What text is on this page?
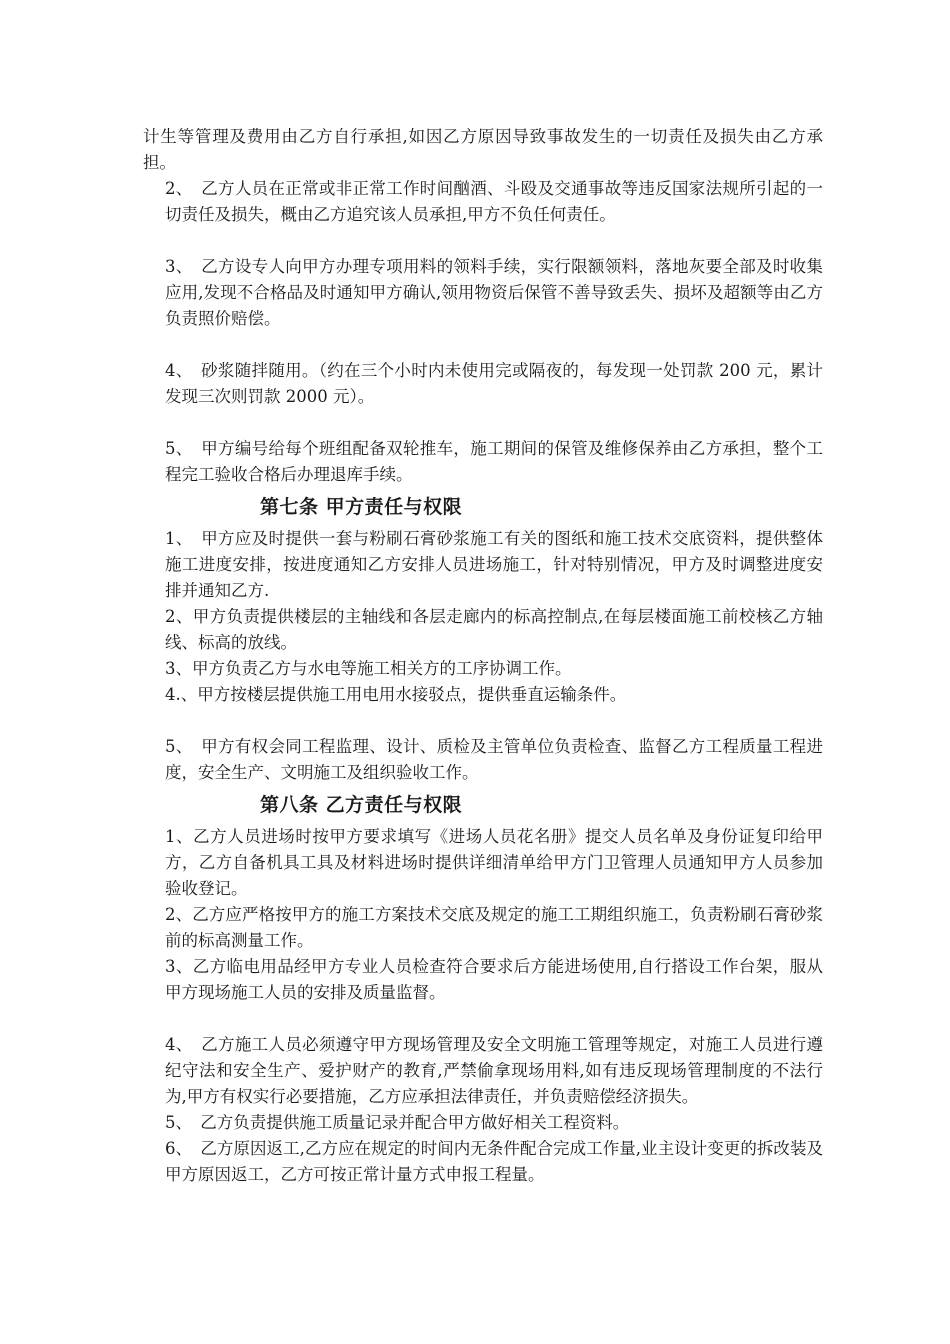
计生等管理及费用由乙方自行承担,如因乙方原因导致事故发生的一切责任及损失由乙方承担。

2、　乙方人员在正常或非正常工作时间酗酒、斗殴及交通事故等违反国家法规所引起的一切责任及损失，概由乙方追究该人员承担,甲方不负任何责任。

3、　乙方设专人向甲方办理专项用料的领料手续，实行限额领料，落地灰要全部及时收集应用,发现不合格品及时通知甲方确认,领用物资后保管不善导致丢失、损坏及超额等由乙方负责照价赔偿。

4、　砂浆随拌随用。（约在三个小时内未使用完或隔夜的，每发现一处罚款 200 元，累计发现三次则罚款 2000 元）。

5、　甲方编号给每个班组配备双轮推车，施工期间的保管及维修保养由乙方承担，整个工程完工验收合格后办理退库手续。

第七条 甲方责任与权限

1、　甲方应及时提供一套与粉刷石膏砂浆施工有关的图纸和施工技术交底资料，提供整体施工进度安排，按进度通知乙方安排人员进场施工，针对特别情况，甲方及时调整进度安排并通知乙方.

2、甲方负责提供楼层的主轴线和各层走廊内的标高控制点,在每层楼面施工前校核乙方轴线、标高的放线。

3、甲方负责乙方与水电等施工相关方的工序协调工作。

4.、甲方按楼层提供施工用电用水接驳点，提供垂直运输条件。

5、　甲方有权会同工程监理、设计、质检及主管单位负责检查、监督乙方工程质量工程进度，安全生产、文明施工及组织验收工作。

第八条 乙方责任与权限

1、乙方人员进场时按甲方要求填写《进场人员花名册》提交人员名单及身份证复印给甲方，乙方自备机具工具及材料进场时提供详细清单给甲方门卫管理人员通知甲方人员参加验收登记。

2、乙方应严格按甲方的施工方案技术交底及规定的施工工期组织施工，负责粉刷石膏砂浆前的标高测量工作。

3、乙方临电用品经甲方专业人员检查符合要求后方能进场使用,自行搭设工作台架，服从甲方现场施工人员的安排及质量监督。

4、　乙方施工人员必须遵守甲方现场管理及安全文明施工管理等规定，对施工人员进行遵纪守法和安全生产、爱护财产的教育,严禁偷拿现场用料,如有违反现场管理制度的不法行为,甲方有权实行必要措施，乙方应承担法律责任，并负责赔偿经济损失。

5、　乙方负责提供施工质量记录并配合甲方做好相关工程资料。

6、　乙方原因返工,乙方应在规定的时间内无条件配合完成工作量,业主设计变更的拆改装及甲方原因返工，乙方可按正常计量方式申报工程量。
